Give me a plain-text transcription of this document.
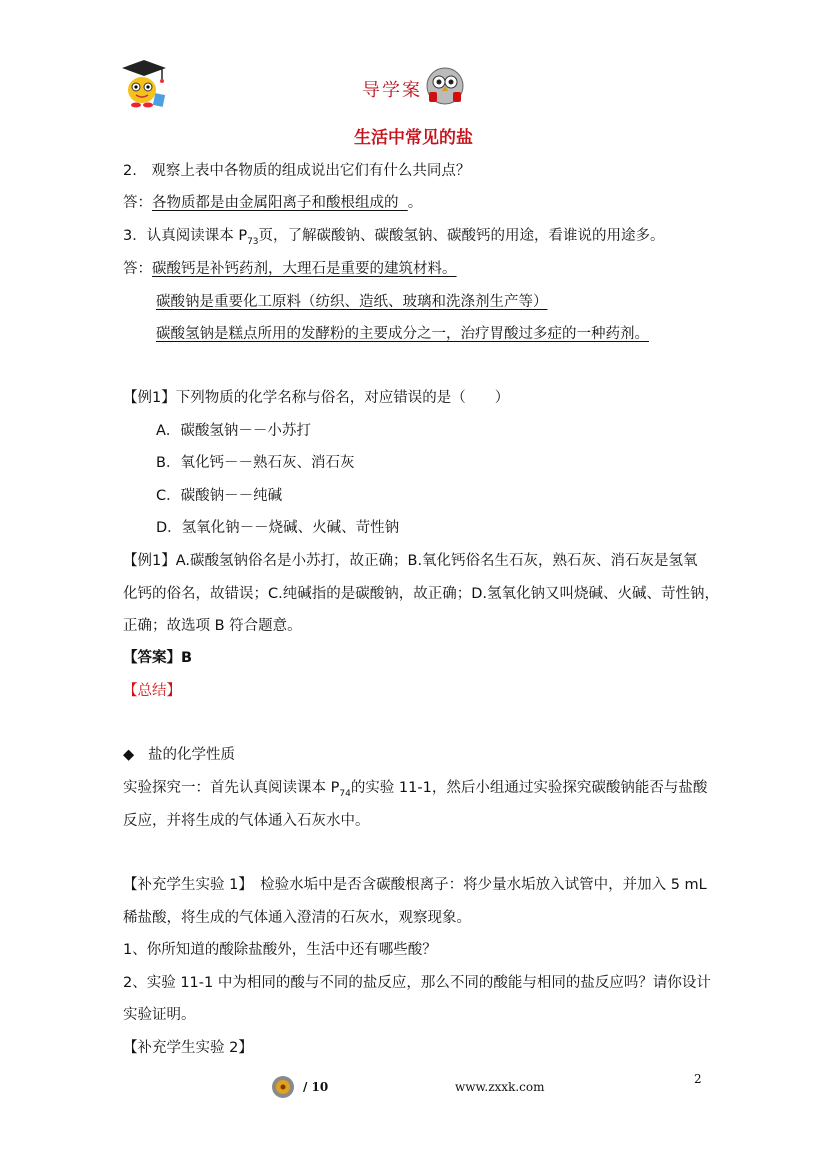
导学案
生活中常见的盐
2.　观察上表中各物质的组成说出它们有什么共同点？
答：各物质都是由金属阳离子和酸根组成的 。
3．认真阅读课本 $P_{73}$页，了解碳酸钠、碳酸氢钠、碳酸钙的用途，看谁说的用途多。
答：碳酸钙是补钙药剂，大理石是重要的建筑材料。
碳酸钠是重要化工原料（纺织、造纸、玻璃和洗涤剂生产等）
碳酸氢钠是糕点所用的发酵粉的主要成分之一，治疗胃酸过多症的一种药剂。
【例1】下列物质的化学名称与俗名，对应错误的是（　　）
A．碳酸氢钠－－小苏打
B．氧化钙－－熟石灰、消石灰
C．碳酸钠－－纯碱
D．氢氧化钠－－烧碱、火碱、苛性钠
【例1】A.碳酸氢钠俗名是小苏打，故正确；B.氧化钙俗名生石灰，熟石灰、消石灰是氢氧
化钙的俗名，故错误；C.纯碱指的是碳酸钠，故正确；D.氢氧化钠又叫烧碱、火碱、苛性钠，
正确；故选项 B 符合题意。
【答案】B
【总结】
◆ 盐的化学性质
实验探究一：首先认真阅读课本 $P_{74}$的实验 11-1，然后小组通过实验探究碳酸钠能否与盐酸
反应，并将生成的气体通入石灰水中。
【补充学生实验 1】　检验水垢中是否含碳酸根离子：将少量水垢放入试管中，并加入 5 mL
稀盐酸，将生成的气体通入澄清的石灰水，观察现象。
1、你所知道的酸除盐酸外，生活中还有哪些酸？
2、实验 11-1 中为相同的酸与不同的盐反应，那么不同的酸能与相同的盐反应吗？请你设计
实验证明。
【补充学生实验 2】
/ 10	www.zxxk.com
2
